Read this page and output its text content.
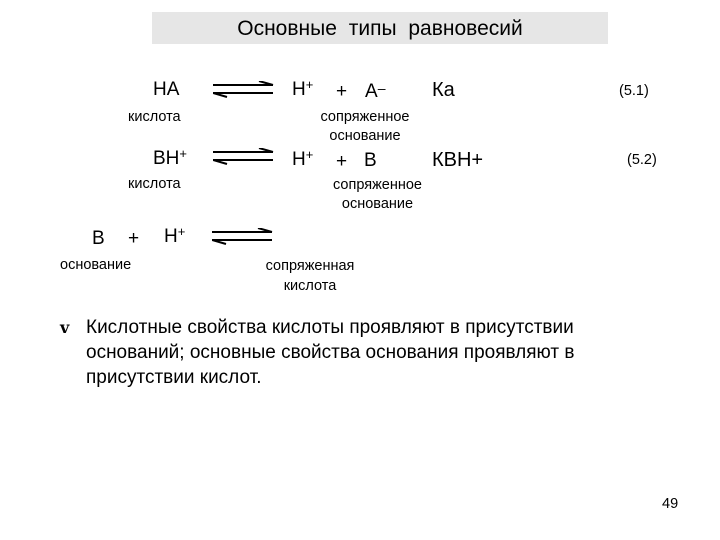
Основные типы равновесий
НА	Н+ + А– Ка	(5.1)
кислота	сопряженное
основание
ВН+	Н+ + В	КВН+	(5.2)
кислота	сопряженное
основание
В + Н+
основание	сопряженная
кислота
v Кислотные свойства кислоты проявляют в присутствии
оснований; основные свойства основания проявляют в
присутствии кислот.
49
